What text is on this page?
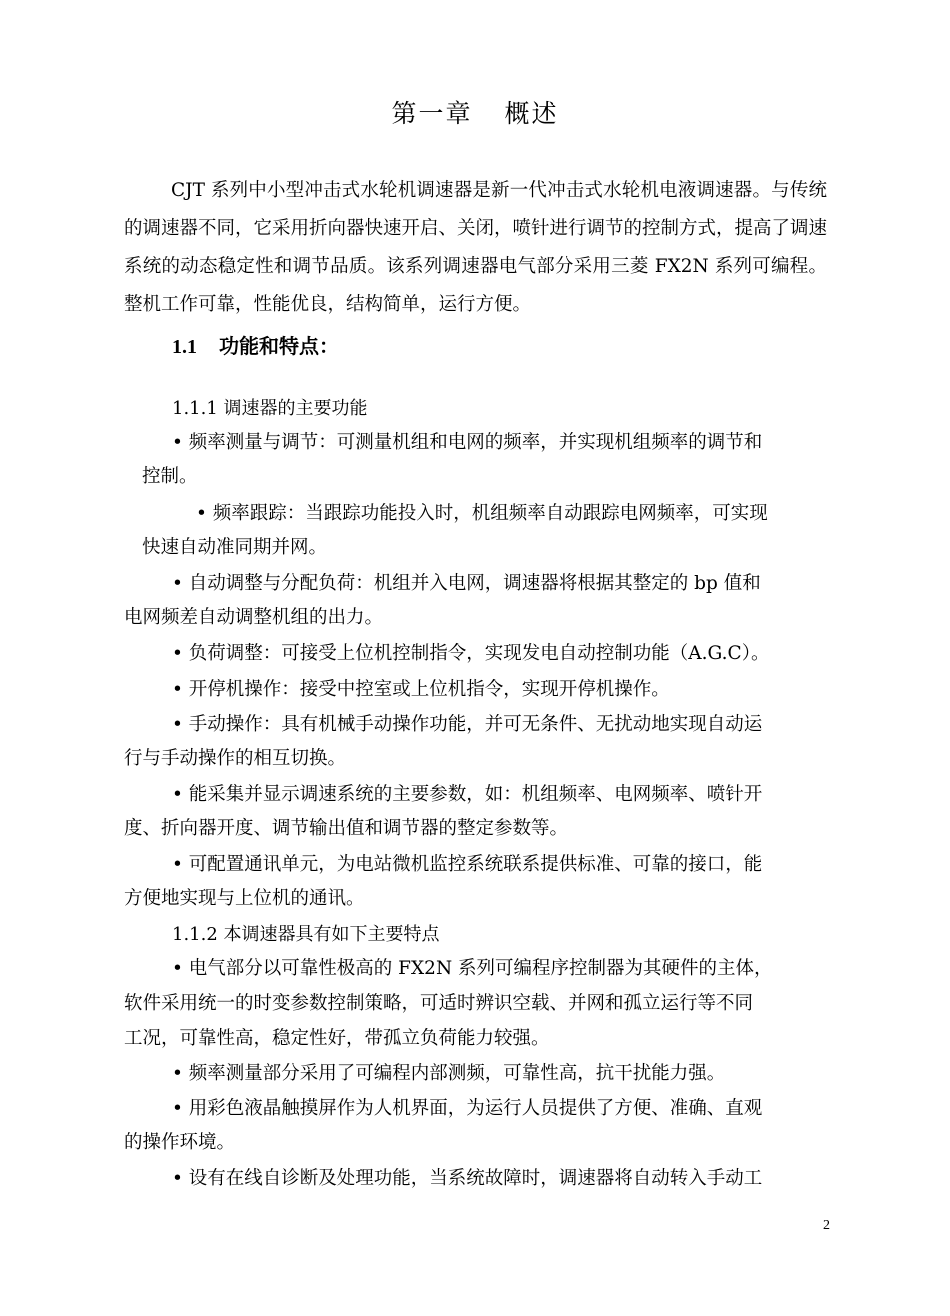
第一章 概述

CJT 系列中小型冲击式水轮机调速器是新一代冲击式水轮机电液调速器。与传统的调速器不同，它采用折向器快速开启、关闭，喷针进行调节的控制方式，提高了调速系统的动态稳定性和调节品质。该系列调速器电气部分采用三菱 FX2N 系列可编程。整机工作可靠，性能优良，结构简单，运行方便。

1.1 功能和特点：
1.1.1 调速器的主要功能
• 频率测量与调节：可测量机组和电网的频率，并实现机组频率的调节和
控制。
• 频率跟踪：当跟踪功能投入时，机组频率自动跟踪电网频率，可实现
快速自动准同期并网。
• 自动调整与分配负荷：机组并入电网，调速器将根据其整定的 bp 值和
电网频差自动调整机组的出力。
• 负荷调整：可接受上位机控制指令，实现发电自动控制功能（A.G.C）。
• 开停机操作：接受中控室或上位机指令，实现开停机操作。
• 手动操作：具有机械手动操作功能，并可无条件、无扰动地实现自动运
行与手动操作的相互切换。
• 能采集并显示调速系统的主要参数，如：机组频率、电网频率、喷针开
度、折向器开度、调节输出值和调节器的整定参数等。
• 可配置通讯单元，为电站微机监控系统联系提供标准、可靠的接口，能
方便地实现与上位机的通讯。
1.1.2 本调速器具有如下主要特点
• 电气部分以可靠性极高的 FX2N 系列可编程序控制器为其硬件的主体，
软件采用统一的时变参数控制策略，可适时辨识空载、并网和孤立运行等不同
工况，可靠性高，稳定性好，带孤立负荷能力较强。
• 频率测量部分采用了可编程内部测频，可靠性高，抗干扰能力强。
• 用彩色液晶触摸屏作为人机界面，为运行人员提供了方便、准确、直观
的操作环境。
• 设有在线自诊断及处理功能，当系统故障时，调速器将自动转入手动工
2
